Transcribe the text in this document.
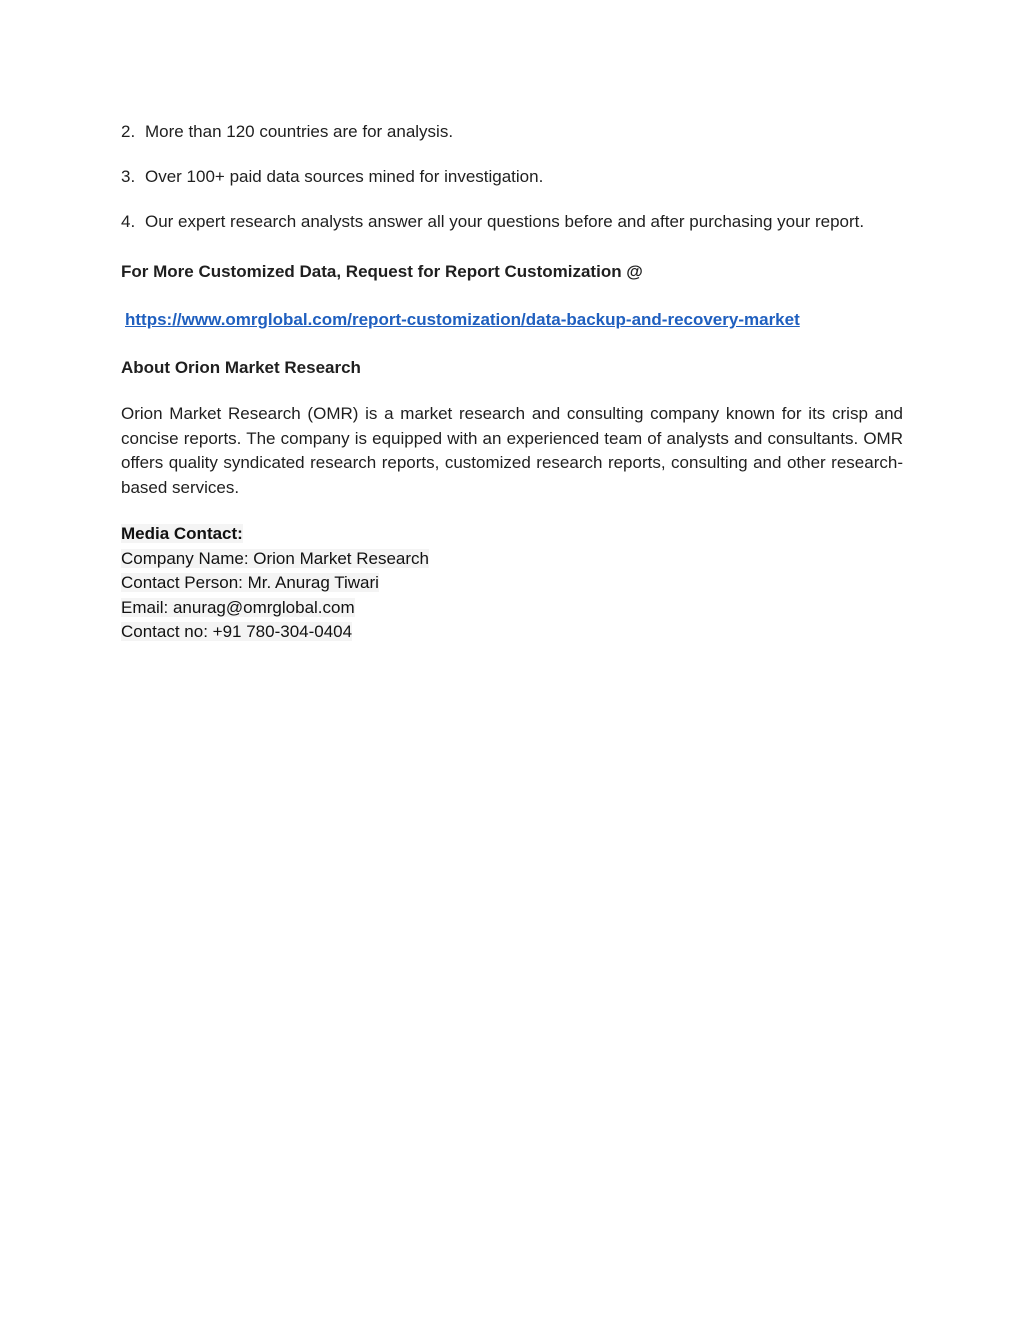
2. More than 120 countries are for analysis.

3. Over 100+ paid data sources mined for investigation.

4. Our expert research analysts answer all your questions before and after purchasing your report.

For More Customized Data, Request for Report Customization @
https://www.omrglobal.com/report-customization/data-backup-and-recovery-market
About Orion Market Research
Orion Market Research (OMR) is a market research and consulting company known for its crisp and concise reports. The company is equipped with an experienced team of analysts and consultants. OMR offers quality syndicated research reports, customized research reports, consulting and other research-based services.
Media Contact:
Company Name: Orion Market Research
Contact Person: Mr. Anurag Tiwari
Email: anurag@omrglobal.com
Contact no: +91 780-304-0404
